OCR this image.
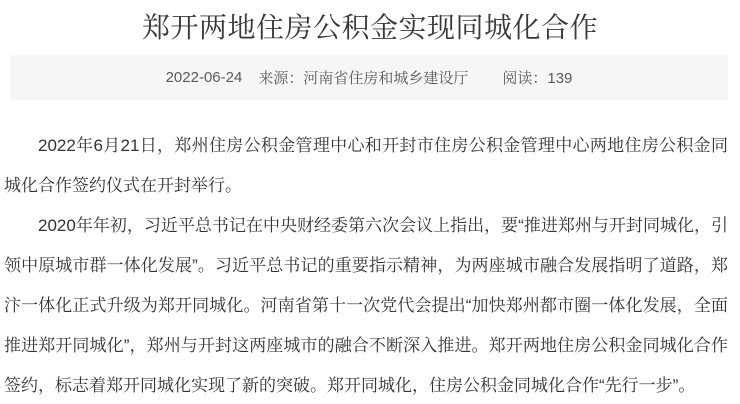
郑开两地住房公积金实现同城化合作
2022-06-24 来源：河南省住房和城乡建设厅 阅读：139

2022年6月21日，郑州住房公积金管理中心和开封市住房公积金管理中心两地住房公积金同城化合作签约仪式在开封举行。

2020年年初，习近平总书记在中央财经委第六次会议上指出，要“推进郑州与开封同城化，引领中原城市群一体化发展”。习近平总书记的重要指示精神，为两座城市融合发展指明了道路，郑汴一体化正式升级为郑开同城化。河南省第十一次党代会提出“加快郑州都市圈一体化发展，全面推进郑开同城化”，郑州与开封这两座城市的融合不断深入推进。郑开两地住房公积金同城化合作签约，标志着郑开同城化实现了新的突破。郑开同城化，住房公积金同城化合作“先行一步”。
